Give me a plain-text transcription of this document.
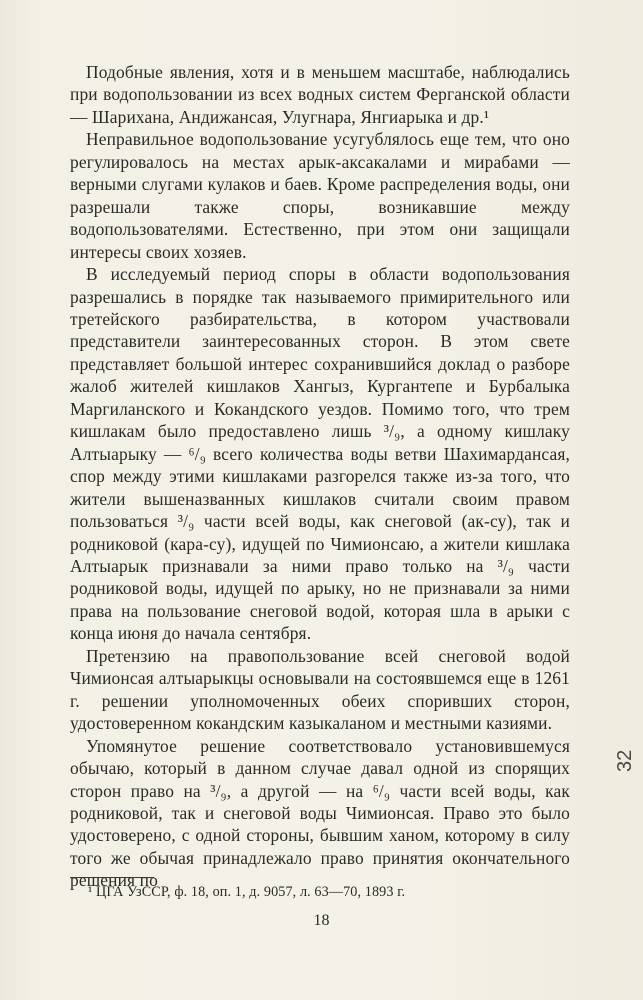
Подобные явления, хотя и в меньшем масштабе, наблюдались при водопользовании из всех водных систем Ферганской области — Шарихана, Андижансая, Улугнара, Янгиарыка и др.¹

Неправильное водопользование усугублялось еще тем, что оно регулировалось на местах арык-аксакалами и мирабами — верными слугами кулаков и баев. Кроме распределения воды, они разрешали также споры, возникавшие между водопользователями. Естественно, при этом они защищали интересы своих хозяев.

В исследуемый период споры в области водопользования разрешались в порядке так называемого примирительного или третейского разбирательства, в котором участвовали представители заинтересованных сторон. В этом свете представляет большой интерес сохранившийся доклад о разборе жалоб жителей кишлаков Хангыз, Кургантепе и Бурбалыка Маргиланского и Кокандского уездов. Помимо того, что трем кишлакам было предоставлено лишь ³/₉, а одному кишлаку Алтыарыку — ⁶/₉ всего количества воды ветви Шахимардансая, спор между этими кишлаками разгорелся также из-за того, что жители вышеназванных кишлаков считали своим правом пользоваться ³/₉ части всей воды, как снеговой (ак-су), так и родниковой (кара-су), идущей по Чимионсаю, а жители кишлака Алтыарык признавали за ними право только на ³/₉ части родниковой воды, идущей по арыку, но не признавали за ними права на пользование снеговой водой, которая шла в арыки с конца июня до начала сентября.

Претензию на правопользование всей снеговой водой Чимионсая алтыарыкцы основывали на состоявшемся еще в 1261 г. решении уполномоченных обеих споривших сторон, удостоверенном кокандским казыкаланом и местными казиями.

Упомянутое решение соответствовало установившемуся обычаю, который в данном случае давал одной из спорящих сторон право на ³/₉, а другой — на ⁶/₉ части всей воды, как родниковой, так и снеговой воды Чимионсая. Право это было удостоверено, с одной стороны, бывшим ханом, которому в силу того же обычая принадлежало право принятия окончательного решения по

¹ ЦГА УзССР, ф. 18, оп. 1, д. 9057, л. 63—70, 1893 г.
18
32
